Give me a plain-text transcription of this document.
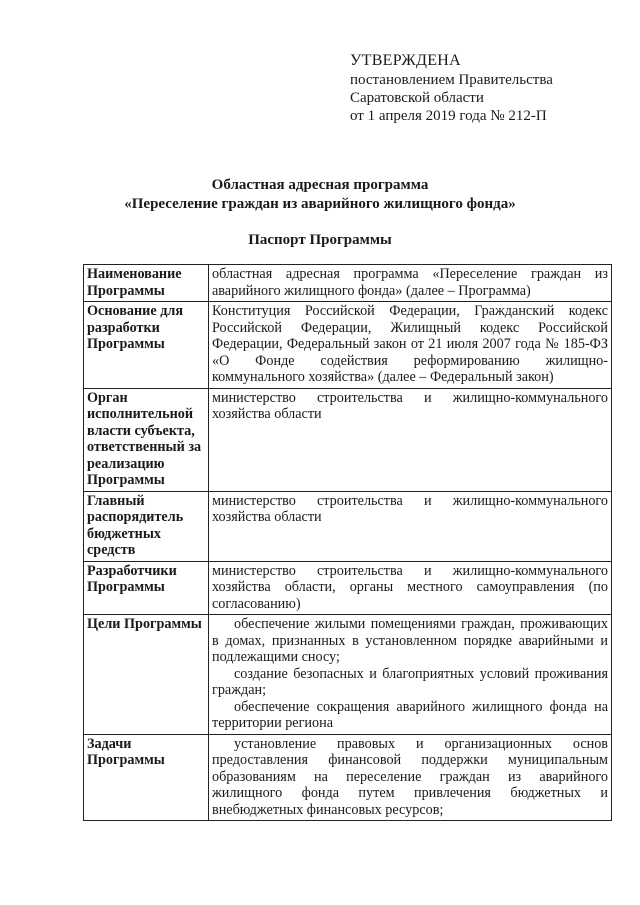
УТВЕРЖДЕНА
постановлением Правительства
Саратовской области
от 1 апреля 2019 года № 212-П
Областная адресная программа
«Переселение граждан из аварийного жилищного фонда»
Паспорт Программы
Наименование Программы	областная адресная программа «Переселение граждан из аварийного жилищного фонда» (далее – Программа)

Основание для разработки Программы	Конституция Российской Федерации, Гражданский кодекс Российской Федерации, Жилищный кодекс Российской Федерации, Федеральный закон от 21 июля 2007 года № 185-ФЗ «О Фонде содействия реформированию жилищно-коммунального хозяйства» (далее – Федеральный закон)

Орган исполнительной власти субъекта, ответственный за реализацию Программы	министерство строительства и жилищно-коммунального хозяйства области

Главный распорядитель бюджетных средств	министерство строительства и жилищно-коммунального хозяйства области

Разработчики Программы	министерство строительства и жилищно-коммунального хозяйства области, органы местного самоуправления (по согласованию)

Цели Программы	обеспечение жилыми помещениями граждан, проживающих в домах, признанных в установленном порядке аварийными и подлежащими сносу;

создание безопасных и благоприятных условий проживания граждан;

обеспечение сокращения аварийного жилищного фонда на территории региона

Задачи Программы	установление правовых и организационных основ предоставления финансовой поддержки муниципальным образованиям на переселение граждан из аварийного жилищного фонда путем привлечения бюджетных и внебюджетных финансовых ресурсов;
